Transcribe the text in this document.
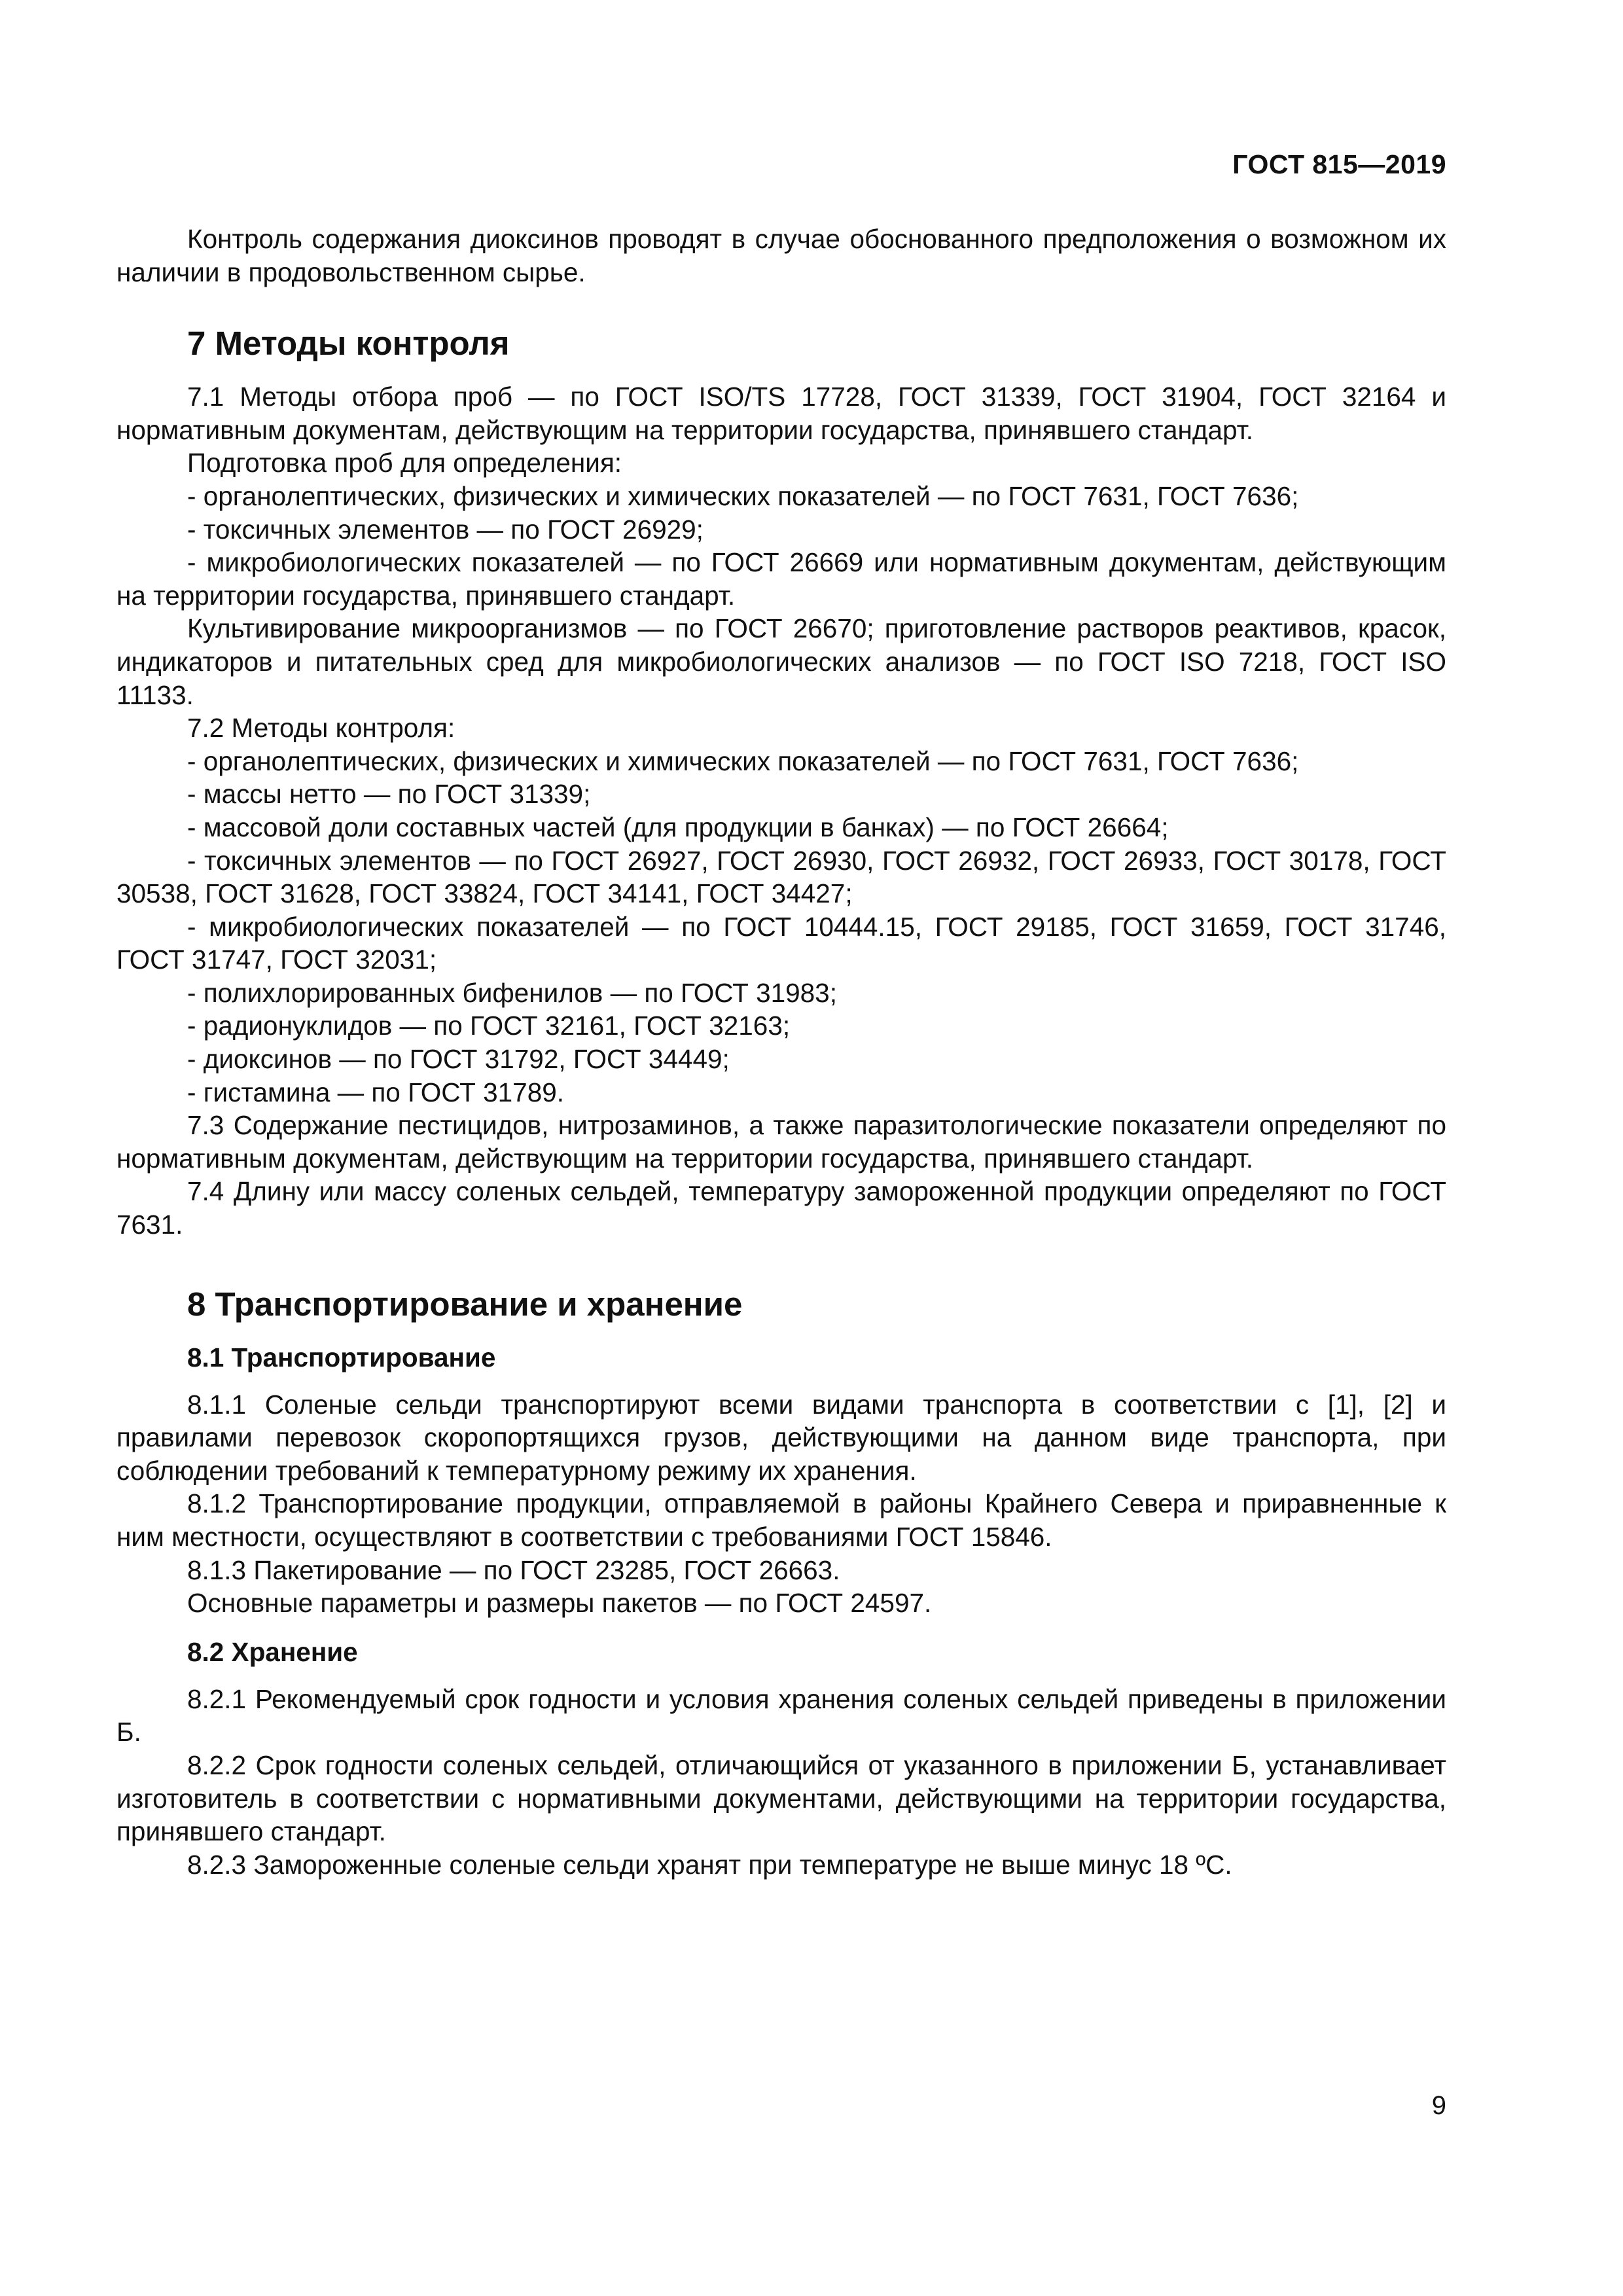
ГОСТ 815—2019

Контроль содержания диоксинов проводят в случае обоснованного предположения о возможном их наличии в продовольственном сырье.

7 Методы контроля

7.1 Методы отбора проб — по ГОСТ ISO/TS 17728, ГОСТ 31339, ГОСТ 31904, ГОСТ 32164 и нормативным документам, действующим на территории государства, принявшего стандарт.

Подготовка проб для определения:

- органолептических, физических и химических показателей — по ГОСТ 7631, ГОСТ 7636;

- токсичных элементов — по ГОСТ 26929;

- микробиологических показателей — по ГОСТ 26669 или нормативным документам, действующим на территории государства, принявшего стандарт.

Культивирование микроорганизмов — по ГОСТ 26670; приготовление растворов реактивов, красок, индикаторов и питательных сред для микробиологических анализов — по ГОСТ ISO 7218, ГОСТ ISO 11133.

7.2 Методы контроля:

- органолептических, физических и химических показателей — по ГОСТ 7631, ГОСТ 7636;

- массы нетто — по ГОСТ 31339;

- массовой доли составных частей (для продукции в банках) — по ГОСТ 26664;

- токсичных элементов — по ГОСТ 26927, ГОСТ 26930, ГОСТ 26932, ГОСТ 26933, ГОСТ 30178, ГОСТ 30538, ГОСТ 31628, ГОСТ 33824, ГОСТ 34141, ГОСТ 34427;

- микробиологических показателей — по ГОСТ 10444.15, ГОСТ 29185, ГОСТ 31659, ГОСТ 31746, ГОСТ 31747, ГОСТ 32031;

- полихлорированных бифенилов — по ГОСТ 31983;

- радионуклидов — по ГОСТ 32161, ГОСТ 32163;

- диоксинов — по ГОСТ 31792, ГОСТ 34449;

- гистамина — по ГОСТ 31789.

7.3 Содержание пестицидов, нитрозаминов, а также паразитологические показатели определяют по нормативным документам, действующим на территории государства, принявшего стандарт.

7.4 Длину или массу соленых сельдей, температуру замороженной продукции определяют по ГОСТ 7631.

8 Транспортирование и хранение
8.1 Транспортирование

8.1.1 Соленые сельди транспортируют всеми видами транспорта в соответствии с [1], [2] и правилами перевозок скоропортящихся грузов, действующими на данном виде транспорта, при соблюдении требований к температурному режиму их хранения.

8.1.2 Транспортирование продукции, отправляемой в районы Крайнего Севера и приравненные к ним местности, осуществляют в соответствии с требованиями ГОСТ 15846.

8.1.3 Пакетирование — по ГОСТ 23285, ГОСТ 26663.

Основные параметры и размеры пакетов — по ГОСТ 24597.

8.2 Хранение

8.2.1 Рекомендуемый срок годности и условия хранения соленых сельдей приведены в приложении Б.

8.2.2 Срок годности соленых сельдей, отличающийся от указанного в приложении Б, устанавливает изготовитель в соответствии с нормативными документами, действующими на территории государства, принявшего стандарт.

8.2.3 Замороженные соленые сельди хранят при температуре не выше минус 18 ºС.

9
